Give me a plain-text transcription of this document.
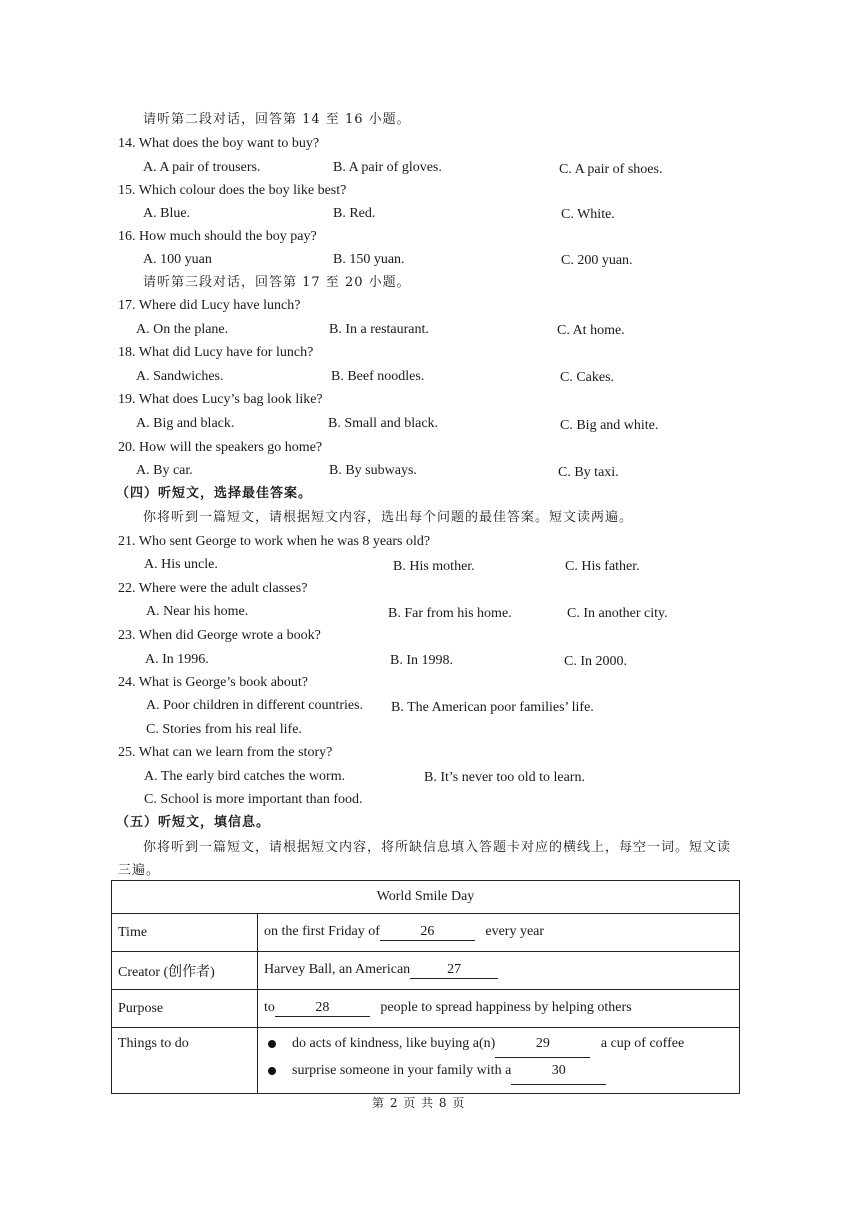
请听第二段对话，回答第 14 至 16 小题。
14. What does the boy want to buy?
A. A pair of trousers.	B. A pair of gloves.	C. A pair of shoes.
15. Which colour does the boy like best?
A. Blue.	B. Red.	C. White.
16. How much should the boy pay?
A. 100 yuan	B. 150 yuan.	C. 200 yuan.
请听第三段对话，回答第 17 至 20 小题。
17. Where did Lucy have lunch?
A. On the plane.	B. In a restaurant.	C. At home.
18. What did Lucy have for lunch?
A. Sandwiches.	B. Beef noodles.	C. Cakes.
19. What does Lucy’s bag look like?
A. Big and black.	B. Small and black.	C. Big and white.
20. How will the speakers go home?
A. By car.	B. By subways.	C. By taxi.
（四）听短文，选择最佳答案。
你将听到一篇短文，请根据短文内容，选出每个问题的最佳答案。短文读两遍。
21. Who sent George to work when he was 8 years old?
A. His uncle.	B. His mother.	C. His father.
22. Where were the adult classes?
A. Near his home.	B. Far from his home.	C. In another city.
23. When did George wrote a book?
A. In 1996.	B. In 1998.	C. In 2000.
24. What is George’s book about?
A. Poor children in different countries. B. The American poor families’ life.
C. Stories from his real life.
25. What can we learn from the story?
A. The early bird catches the worm.	B. It’s never too old to learn.
C. School is more important than food.
（五）听短文，填信息。
你将听到一篇短文，请根据短文内容，将所缺信息填入答题卡对应的横线上，每空一词。短文读
三遍。
World Smile Day	
Time	on the first Friday of 26 every year
Creator (创作者)	Harvey Ball, an American 27
Purpose	to 28 people to spread happiness by helping others
Things to do	do acts of kindness, like buying a(n) 29 a cup of coffee
surprise someone in your family with a 30
第 2 页 共 8 页
